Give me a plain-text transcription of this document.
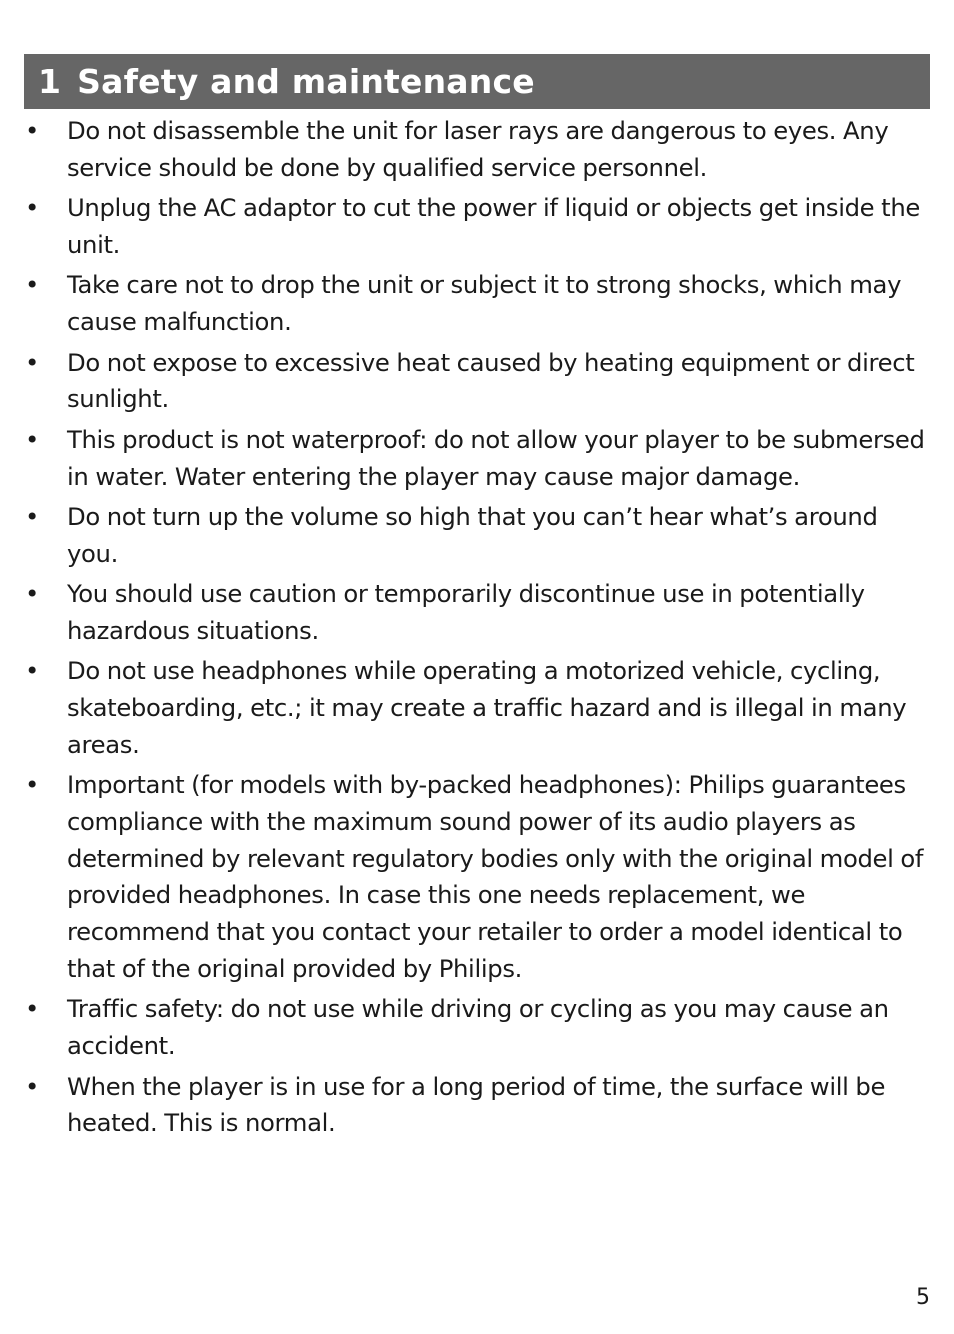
1 Safety and maintenance
• Do not disassemble the unit for laser rays are dangerous to eyes. Any service should be done by qualified service personnel.
• Unplug the AC adaptor to cut the power if liquid or objects get inside the unit.
• Take care not to drop the unit or subject it to strong shocks, which may cause malfunction.
• Do not expose to excessive heat caused by heating equipment or direct sunlight.
• This product is not waterproof: do not allow your player to be submersed in water. Water entering the player may cause major damage.
• Do not turn up the volume so high that you can’t hear what’s around you.
• You should use caution or temporarily discontinue use in potentially hazardous situations.
• Do not use headphones while operating a motorized vehicle, cycling, skateboarding, etc.; it may create a traffic hazard and is illegal in many areas.
• Important (for models with by-packed headphones): Philips guarantees compliance with the maximum sound power of its audio players as determined by relevant regulatory bodies only with the original model of provided headphones. In case this one needs replacement, we recommend that you contact your retailer to order a model identical to that of the original provided by Philips.
• Traffic safety: do not use while driving or cycling as you may cause an accident.
• When the player is in use for a long period of time, the surface will be heated. This is normal.
5
